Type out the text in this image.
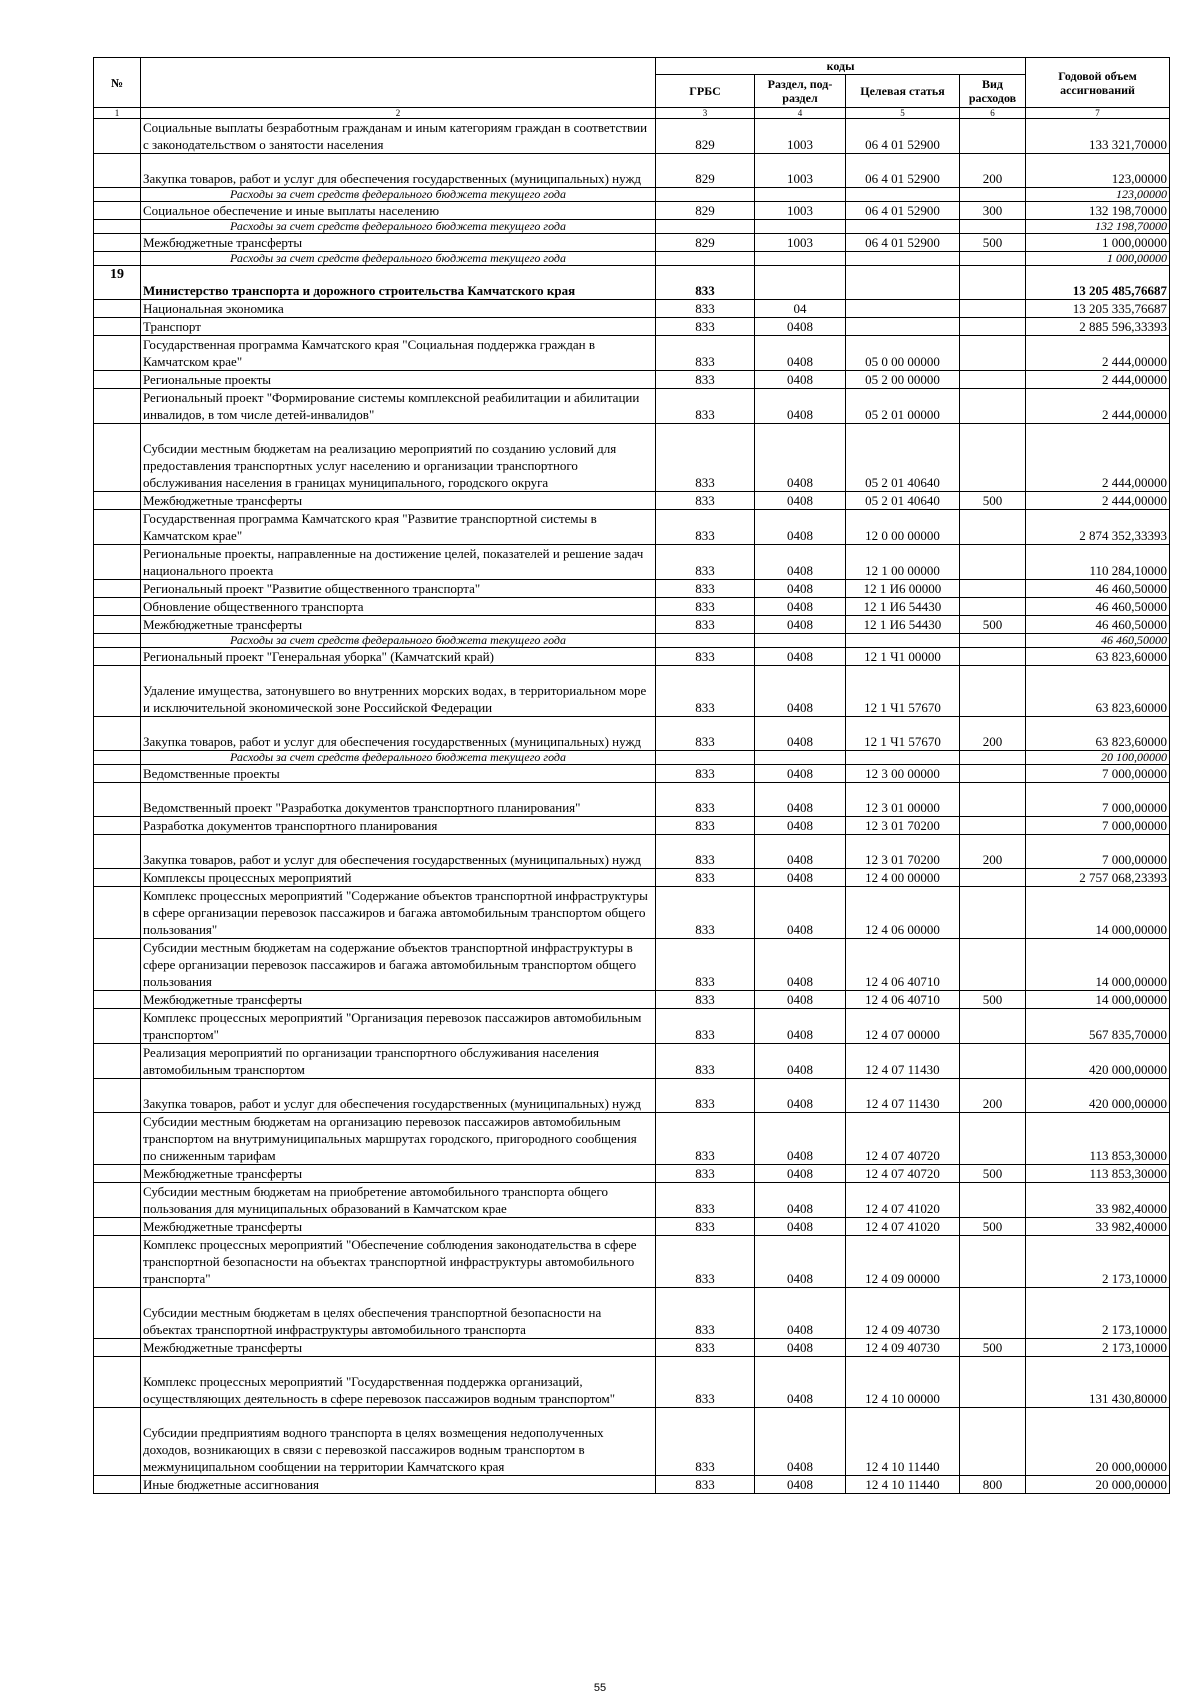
№		коды				Годовой объем ассигнований
		ГРБС	Раздел, под-раздел	Целевая статья	Вид расходов	
1	2	3	4	5	6	7
	Социальные выплаты безработным гражданам и иным категориям граждан в соответствии с законодательством о занятости населения	829	1003	06 4 01 52900		133 321,70000
	Закупка товаров, работ и услуг для обеспечения государственных (муниципальных) нужд	829	1003	06 4 01 52900	200	123,00000
	Расходы за счет средств федерального бюджета текущего года					123,00000
	Социальное обеспечение и иные выплаты населению	829	1003	06 4 01 52900	300	132 198,70000
	Расходы за счет средств федерального бюджета текущего года					132 198,70000
	Межбюджетные трансферты	829	1003	06 4 01 52900	500	1 000,00000
	Расходы за счет средств федерального бюджета текущего года					1 000,00000
19	Министерство транспорта и дорожного строительства Камчатского края	833				13 205 485,76687
	Национальная экономика	833	04			13 205 335,76687
	Транспорт	833	0408			2 885 596,33393
	Государственная программа Камчатского края "Социальная поддержка граждан в Камчатском крае"	833	0408	05 0 00 00000		2 444,00000
	Региональные проекты	833	0408	05 2 00 00000		2 444,00000
	Региональный проект "Формирование системы комплексной реабилитации и абилитации инвалидов, в том числе детей-инвалидов"	833	0408	05 2 01 00000		2 444,00000
	Субсидии местным бюджетам на реализацию мероприятий по созданию условий для предоставления транспортных услуг населению и организации транспортного обслуживания населения в границах муниципального, городского округа	833	0408	05 2 01 40640		2 444,00000
	Межбюджетные трансферты	833	0408	05 2 01 40640	500	2 444,00000
	Государственная программа Камчатского края "Развитие транспортной системы в Камчатском крае"	833	0408	12 0 00 00000		2 874 352,33393
	Региональные проекты, направленные на достижение целей, показателей и решение задач национального проекта	833	0408	12 1 00 00000		110 284,10000
	Региональный проект "Развитие общественного транспорта"	833	0408	12 1 И6 00000		46 460,50000
	Обновление общественного транспорта	833	0408	12 1 И6 54430		46 460,50000
	Межбюджетные трансферты	833	0408	12 1 И6 54430	500	46 460,50000
	Расходы за счет средств федерального бюджета текущего года					46 460,50000
	Региональный проект "Генеральная уборка" (Камчатский край)	833	0408	12 1 Ч1 00000		63 823,60000
	Удаление имущества, затонувшего во внутренних морских водах, в территориальном море и исключительной экономической зоне Российской Федерации	833	0408	12 1 Ч1 57670		63 823,60000
	Закупка товаров, работ и услуг для обеспечения государственных (муниципальных) нужд	833	0408	12 1 Ч1 57670	200	63 823,60000
	Расходы за счет средств федерального бюджета текущего года					20 100,00000
	Ведомственные проекты	833	0408	12 3 00 00000		7 000,00000
	Ведомственный проект "Разработка документов транспортного планирования"	833	0408	12 3 01 00000		7 000,00000
	Разработка документов транспортного планирования	833	0408	12 3 01 70200		7 000,00000
	Закупка товаров, работ и услуг для обеспечения государственных (муниципальных) нужд	833	0408	12 3 01 70200	200	7 000,00000
	Комплексы процессных мероприятий	833	0408	12 4 00 00000		2 757 068,23393
	Комплекс процессных мероприятий "Содержание объектов транспортной инфраструктуры в сфере организации перевозок пассажиров и багажа автомобильным транспортом общего пользования"	833	0408	12 4 06 00000		14 000,00000
	Субсидии местным бюджетам на содержание объектов транспортной инфраструктуры в сфере организации перевозок пассажиров и багажа автомобильным транспортом общего пользования	833	0408	12 4 06 40710		14 000,00000
	Межбюджетные трансферты	833	0408	12 4 06 40710	500	14 000,00000
	Комплекс процессных мероприятий "Организация перевозок пассажиров автомобильным транспортом"	833	0408	12 4 07 00000		567 835,70000
	Реализация мероприятий по организации транспортного обслуживания населения автомобильным транспортом	833	0408	12 4 07 11430		420 000,00000
	Закупка товаров, работ и услуг для обеспечения государственных (муниципальных) нужд	833	0408	12 4 07 11430	200	420 000,00000
	Субсидии местным бюджетам на организацию перевозок пассажиров автомобильным транспортом на внутримуниципальных маршрутах городского, пригородного сообщения по сниженным тарифам	833	0408	12 4 07 40720		113 853,30000
	Межбюджетные трансферты	833	0408	12 4 07 40720	500	113 853,30000
	Субсидии местным бюджетам на приобретение автомобильного транспорта общего пользования для муниципальных образований в Камчатском крае	833	0408	12 4 07 41020		33 982,40000
	Межбюджетные трансферты	833	0408	12 4 07 41020	500	33 982,40000
	Комплекс процессных мероприятий "Обеспечение соблюдения законодательства в сфере транспортной безопасности на объектах транспортной инфраструктуры автомобильного транспорта"	833	0408	12 4 09 00000		2 173,10000
	Субсидии местным бюджетам в целях обеспечения транспортной безопасности на объектах транспортной инфраструктуры автомобильного транспорта	833	0408	12 4 09 40730		2 173,10000
	Межбюджетные трансферты	833	0408	12 4 09 40730	500	2 173,10000
	Комплекс процессных мероприятий "Государственная поддержка организаций, осуществляющих деятельность в сфере перевозок пассажиров водным транспортом"	833	0408	12 4 10 00000		131 430,80000
	Субсидии предприятиям водного транспорта в целях возмещения недополученных доходов, возникающих в связи с перевозкой пассажиров водным транспортом в межмуниципальном сообщении на территории Камчатского края	833	0408	12 4 10 11440		20 000,00000
	Иные бюджетные ассигнования	833	0408	12 4 10 11440	800	20 000,00000
55
